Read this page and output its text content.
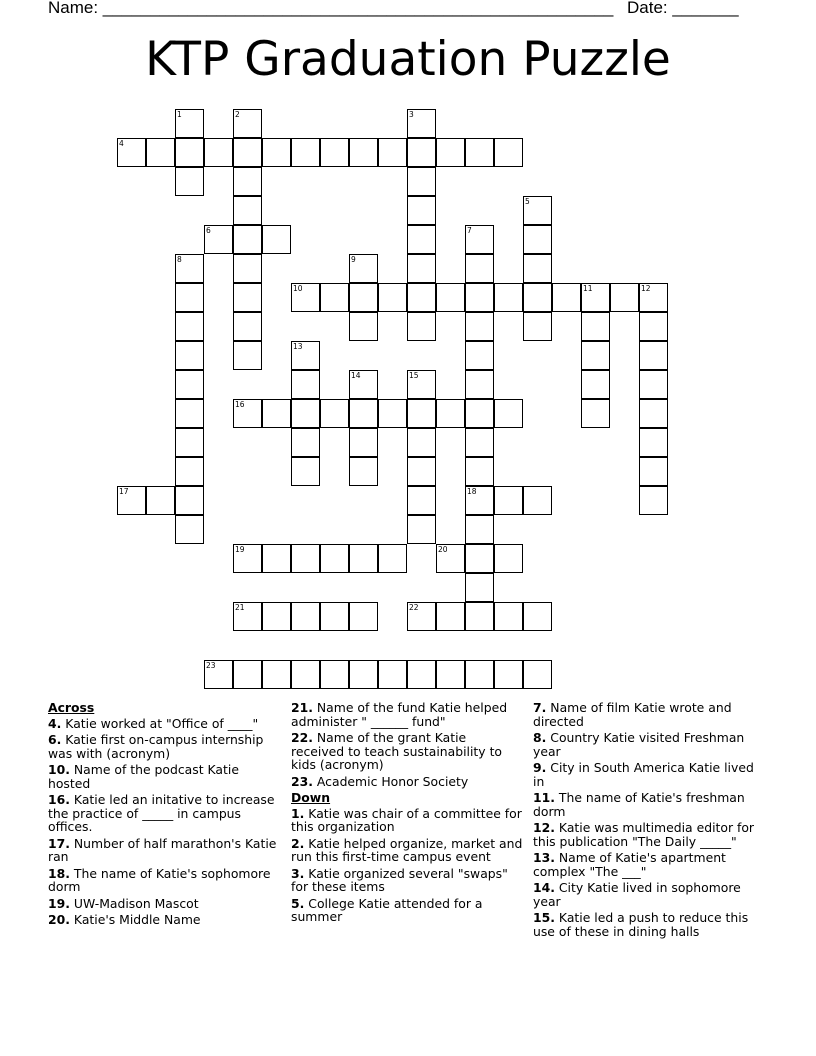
Name: ______________________________________________________ Date: _______
KTP Graduation Puzzle
4
6
10	11	12
16
17	18
19	20
21	22
23
1	2	3
5
7
8	9
13
14	15
Across
4. Katie worked at "Office of ____"
6. Katie first on-campus internship was with (acronym)
10. Name of the podcast Katie hosted
16. Katie led an initative to increase the practice of _____ in campus offices.
17. Number of half marathon's Katie ran
18. The name of Katie's sophomore dorm
19. UW-Madison Mascot
20. Katie's Middle Name
21. Name of the fund Katie helped administer " ______ fund"
22. Name of the grant Katie received to teach sustainability to kids (acronym)
23. Academic Honor Society
Down
1. Katie was chair of a committee for this organization
2. Katie helped organize, market and run this first-time campus event
3. Katie organized several "swaps" for these items
5. College Katie attended for a summer
7. Name of film Katie wrote and directed
8. Country Katie visited Freshman year
9. City in South America Katie lived in
11. The name of Katie's freshman dorm
12. Katie was multimedia editor for this publication "The Daily _____"
13. Name of Katie's apartment complex "The ___"
14. City Katie lived in sophomore year
15. Katie led a push to reduce this use of these in dining halls
